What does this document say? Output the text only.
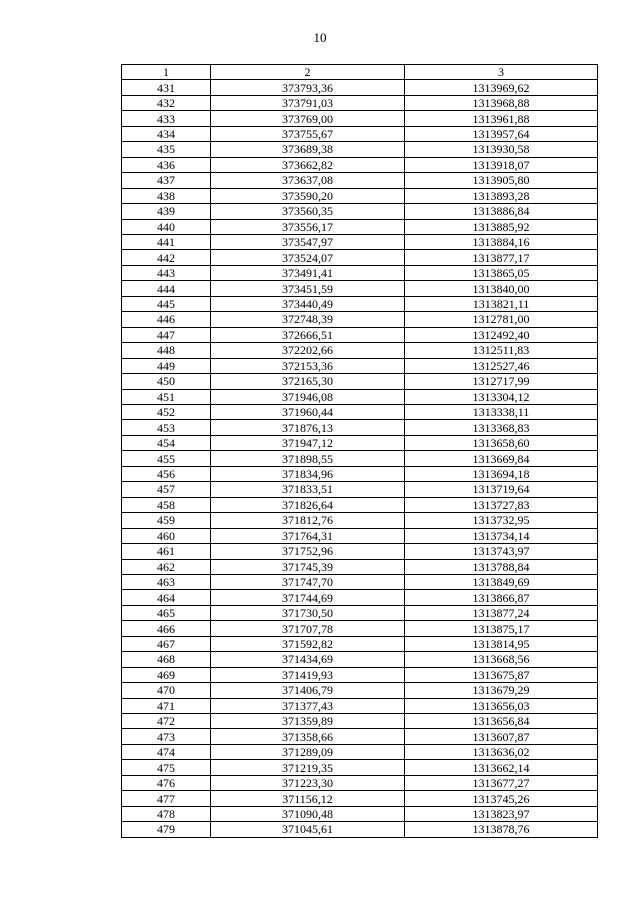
10
1	2	3
431	373793,36	1313969,62
432	373791,03	1313968,88
433	373769,00	1313961,88
434	373755,67	1313957,64
435	373689,38	1313930,58
436	373662,82	1313918,07
437	373637,08	1313905,80
438	373590,20	1313893,28
439	373560,35	1313886,84
440	373556,17	1313885,92
441	373547,97	1313884,16
442	373524,07	1313877,17
443	373491,41	1313865,05
444	373451,59	1313840,00
445	373440,49	1313821,11
446	372748,39	1312781,00
447	372666,51	1312492,40
448	372202,66	1312511,83
449	372153,36	1312527,46
450	372165,30	1312717,99
451	371946,08	1313304,12
452	371960,44	1313338,11
453	371876,13	1313368,83
454	371947,12	1313658,60
455	371898,55	1313669,84
456	371834,96	1313694,18
457	371833,51	1313719,64
458	371826,64	1313727,83
459	371812,76	1313732,95
460	371764,31	1313734,14
461	371752,96	1313743,97
462	371745,39	1313788,84
463	371747,70	1313849,69
464	371744,69	1313866,87
465	371730,50	1313877,24
466	371707,78	1313875,17
467	371592,82	1313814,95
468	371434,69	1313668,56
469	371419,93	1313675,87
470	371406,79	1313679,29
471	371377,43	1313656,03
472	371359,89	1313656,84
473	371358,66	1313607,87
474	371289,09	1313636,02
475	371219,35	1313662,14
476	371223,30	1313677,27
477	371156,12	1313745,26
478	371090,48	1313823,97
479	371045,61	1313878,76
